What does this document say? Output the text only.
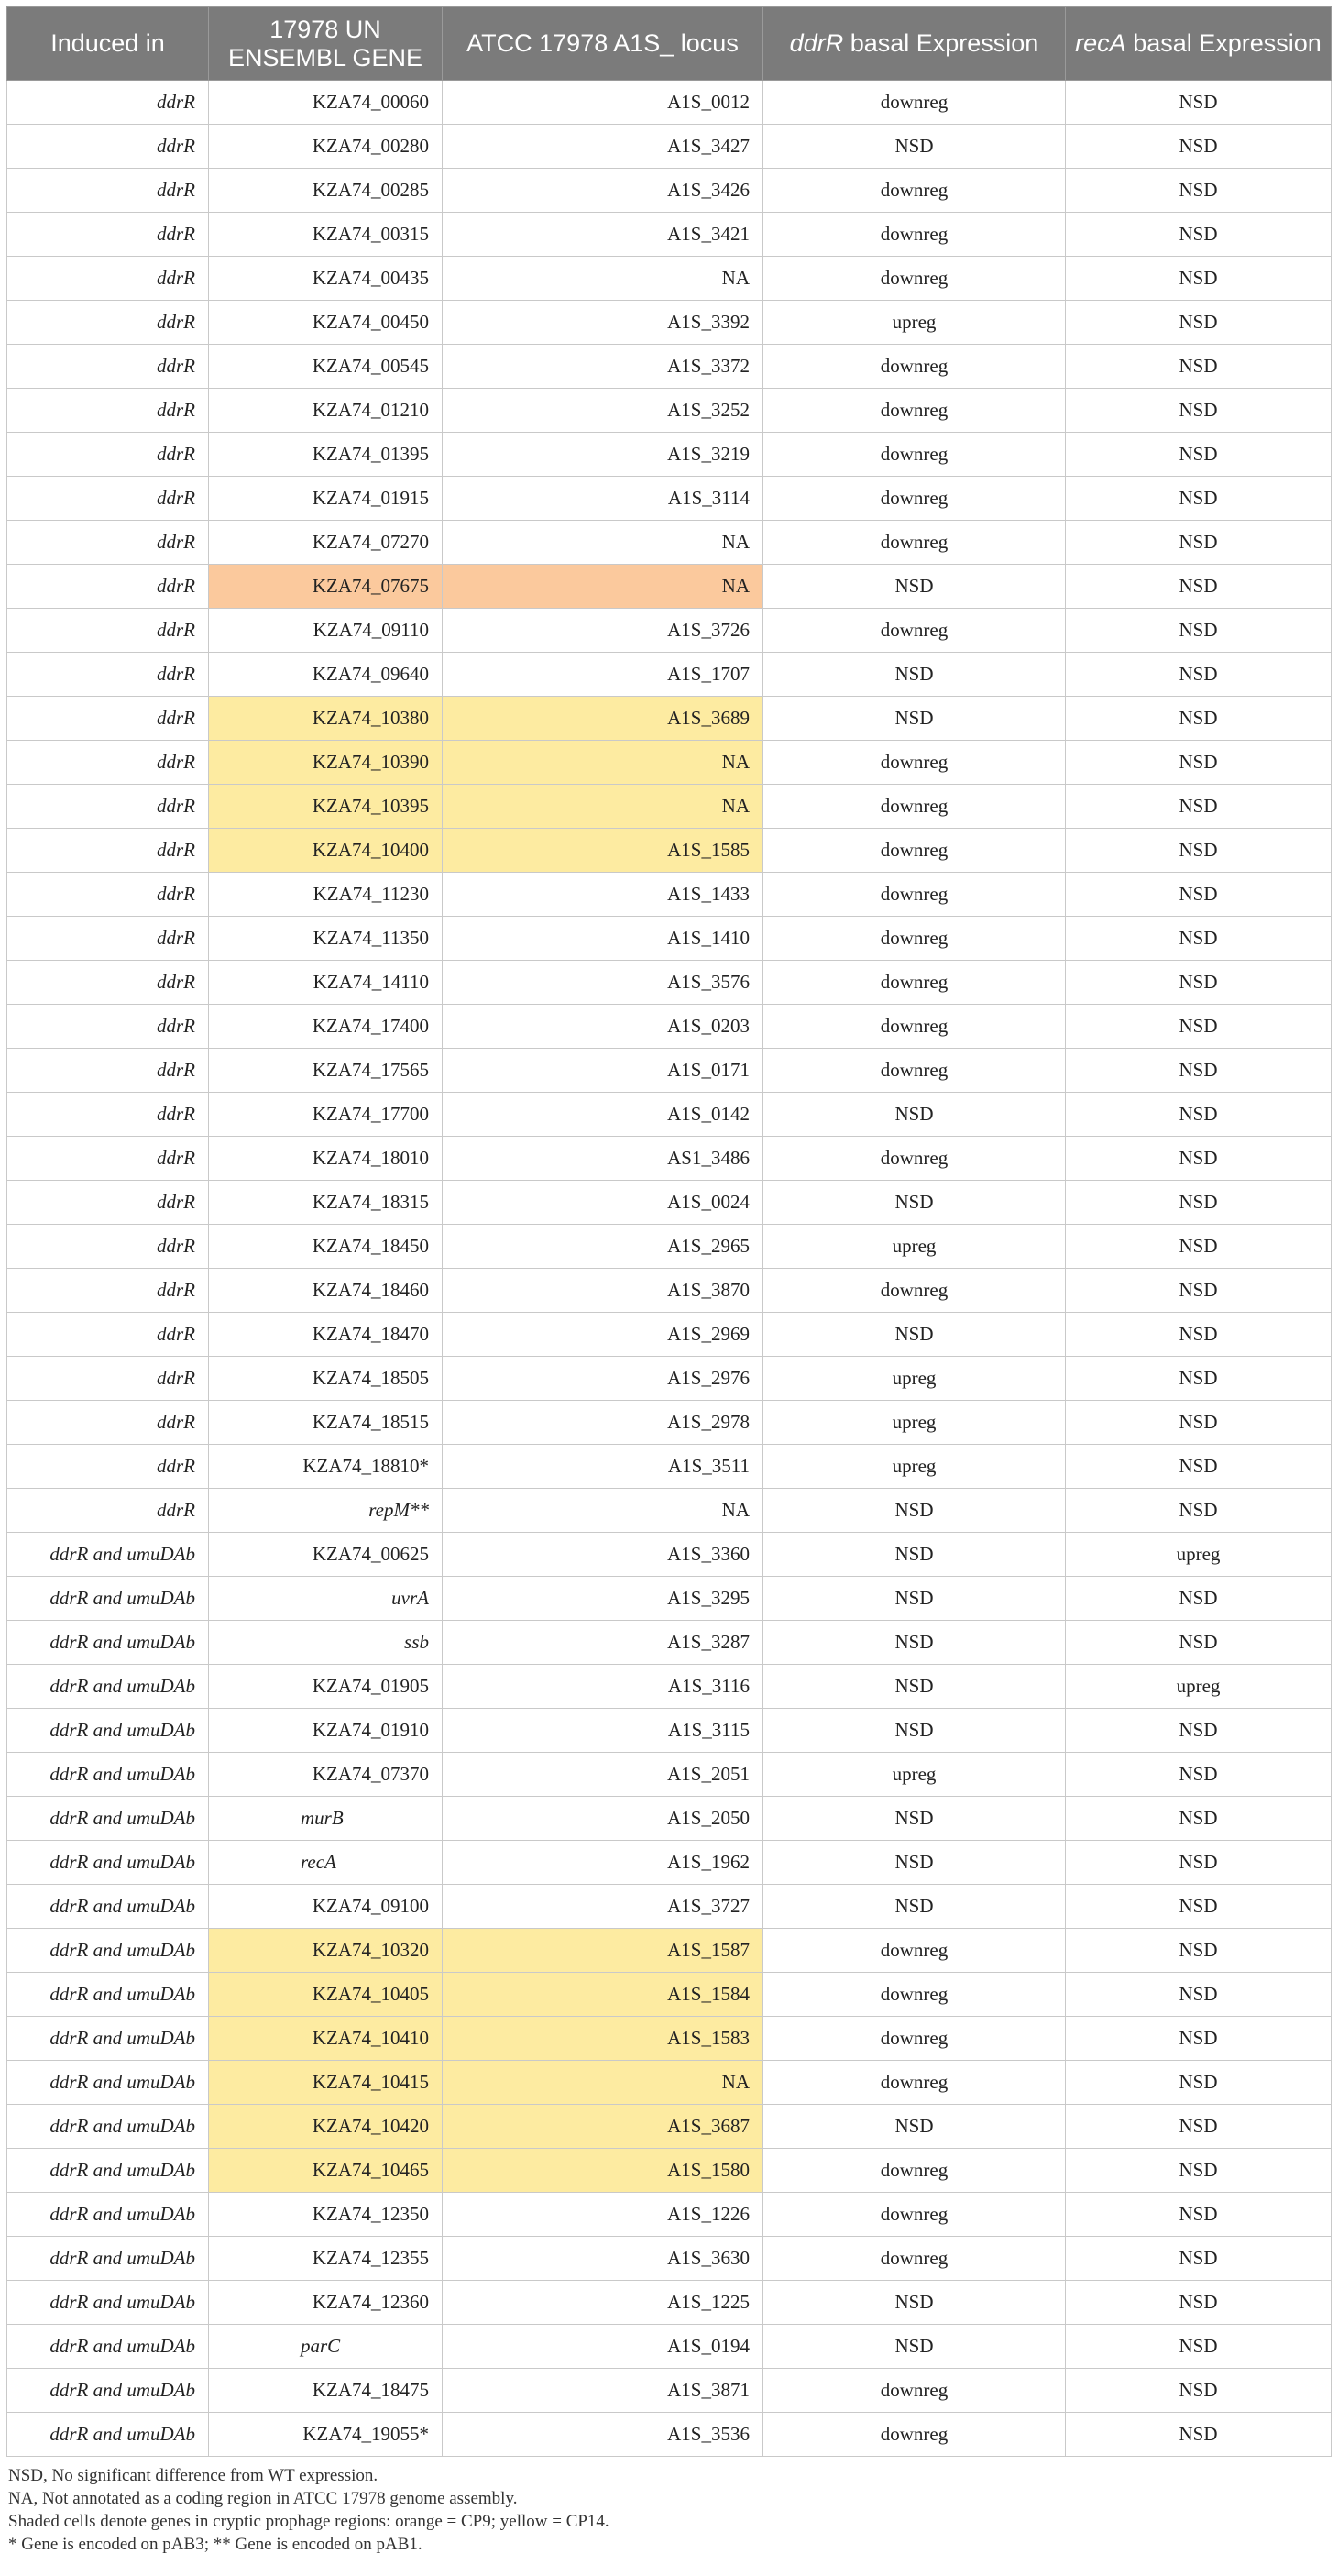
Induced in	17978 UN ENSEMBL GENE	ATCC 17978 A1S_ locus	ddrR basal Expression	recA basal Expression
ddrR	KZA74_00060	A1S_0012	downreg	NSD
ddrR	KZA74_00280	A1S_3427	NSD	NSD
ddrR	KZA74_00285	A1S_3426	downreg	NSD
ddrR	KZA74_00315	A1S_3421	downreg	NSD
ddrR	KZA74_00435	NA	downreg	NSD
ddrR	KZA74_00450	A1S_3392	upreg	NSD
ddrR	KZA74_00545	A1S_3372	downreg	NSD
ddrR	KZA74_01210	A1S_3252	downreg	NSD
ddrR	KZA74_01395	A1S_3219	downreg	NSD
ddrR	KZA74_01915	A1S_3114	downreg	NSD
ddrR	KZA74_07270	NA	downreg	NSD
ddrR	KZA74_07675	NA	NSD	NSD
ddrR	KZA74_09110	A1S_3726	downreg	NSD
ddrR	KZA74_09640	A1S_1707	NSD	NSD
ddrR	KZA74_10380	A1S_3689	NSD	NSD
ddrR	KZA74_10390	NA	downreg	NSD
ddrR	KZA74_10395	NA	downreg	NSD
ddrR	KZA74_10400	A1S_1585	downreg	NSD
ddrR	KZA74_11230	A1S_1433	downreg	NSD
ddrR	KZA74_11350	A1S_1410	downreg	NSD
ddrR	KZA74_14110	A1S_3576	downreg	NSD
ddrR	KZA74_17400	A1S_0203	downreg	NSD
ddrR	KZA74_17565	A1S_0171	downreg	NSD
ddrR	KZA74_17700	A1S_0142	NSD	NSD
ddrR	KZA74_18010	AS1_3486	downreg	NSD
ddrR	KZA74_18315	A1S_0024	NSD	NSD
ddrR	KZA74_18450	A1S_2965	upreg	NSD
ddrR	KZA74_18460	A1S_3870	downreg	NSD
ddrR	KZA74_18470	A1S_2969	NSD	NSD
ddrR	KZA74_18505	A1S_2976	upreg	NSD
ddrR	KZA74_18515	A1S_2978	upreg	NSD
ddrR	KZA74_18810*	A1S_3511	upreg	NSD
ddrR	repM**	NA	NSD	NSD
ddrR and umuDAb	KZA74_00625	A1S_3360	NSD	upreg
ddrR and umuDAb	uvrA	A1S_3295	NSD	NSD
ddrR and umuDAb	ssb	A1S_3287	NSD	NSD
ddrR and umuDAb	KZA74_01905	A1S_3116	NSD	upreg
ddrR and umuDAb	KZA74_01910	A1S_3115	NSD	NSD
ddrR and umuDAb	KZA74_07370	A1S_2051	upreg	NSD
ddrR and umuDAb	murB	A1S_2050	NSD	NSD
ddrR and umuDAb	recA	A1S_1962	NSD	NSD
ddrR and umuDAb	KZA74_09100	A1S_3727	NSD	NSD
ddrR and umuDAb	KZA74_10320	A1S_1587	downreg	NSD
ddrR and umuDAb	KZA74_10405	A1S_1584	downreg	NSD
ddrR and umuDAb	KZA74_10410	A1S_1583	downreg	NSD
ddrR and umuDAb	KZA74_10415	NA	downreg	NSD
ddrR and umuDAb	KZA74_10420	A1S_3687	NSD	NSD
ddrR and umuDAb	KZA74_10465	A1S_1580	downreg	NSD
ddrR and umuDAb	KZA74_12350	A1S_1226	downreg	NSD
ddrR and umuDAb	KZA74_12355	A1S_3630	downreg	NSD
ddrR and umuDAb	KZA74_12360	A1S_1225	NSD	NSD
ddrR and umuDAb	parC	A1S_0194	NSD	NSD
ddrR and umuDAb	KZA74_18475	A1S_3871	downreg	NSD
ddrR and umuDAb	KZA74_19055*	A1S_3536	downreg	NSD
NSD, No significant difference from WT expression.
NA, Not annotated as a coding region in ATCC 17978 genome assembly.
Shaded cells denote genes in cryptic prophage regions: orange = CP9; yellow = CP14.
* Gene is encoded on pAB3; ** Gene is encoded on pAB1.
